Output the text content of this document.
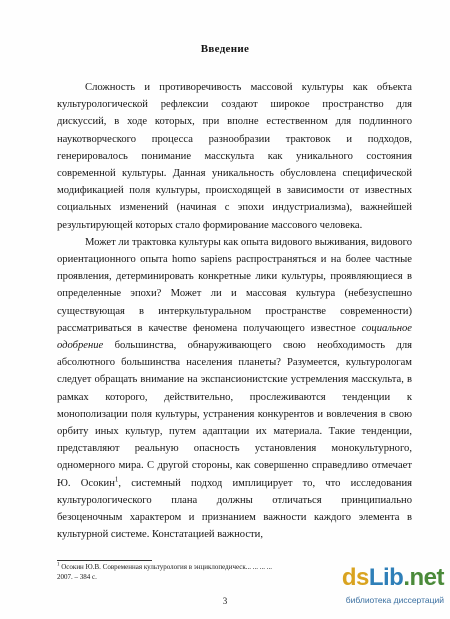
Введение

Сложность и противоречивость массовой культуры как объекта культурологической рефлексии создают широкое пространство для дискуссий, в ходе которых, при вполне естественном для подлинного наукотворческого процесса разнообразии трактовок и подходов, генерировалось понимание масскульта как уникального состояния современной культуры. Данная уникальность обусловлена специфической модификацией поля культуры, происходящей в зависимости от известных социальных изменений (начиная с эпохи индустриализма), важнейшей результирующей которых стало формирование массового человека.

Может ли трактовка культуры как опыта видового выживания, видового ориентационного опыта homo sapiens распространяться и на более частные проявления, детерминировать конкретные лики культуры, проявляющиеся в определенные эпохи? Может ли и массовая культура (небезуспешно существующая в интеркультуральном пространстве современности) рассматриваться в качестве феномена получающего известное социальное одобрение большинства, обнаруживающего свою необходимость для абсолютного большинства населения планеты? Разумеется, культурологам следует обращать внимание на экспансионистские устремления масскульта, в рамках которого, действительно, прослеживаются тенденции к монополизации поля культуры, устранения конкурентов и вовлечения в свою орбиту иных культур, путем адаптации их материала. Такие тенденции, представляют реальную опасность установления монокультурного, одномерного мира. С другой стороны, как совершенно справедливо отмечает Ю. Осокин$^1$, системный подход имплицирует то, что исследования культурологического плана должны отличаться принципиально безоценочным характером и признанием важности каждого элемента в культурной системе. Констатацией важности,

$^1$ Осокин Ю.В. Современная культурология в энциклопедическ... ... ... ...
2007. – 384 с.
3
dsLib.net
библиотека диссертаций
